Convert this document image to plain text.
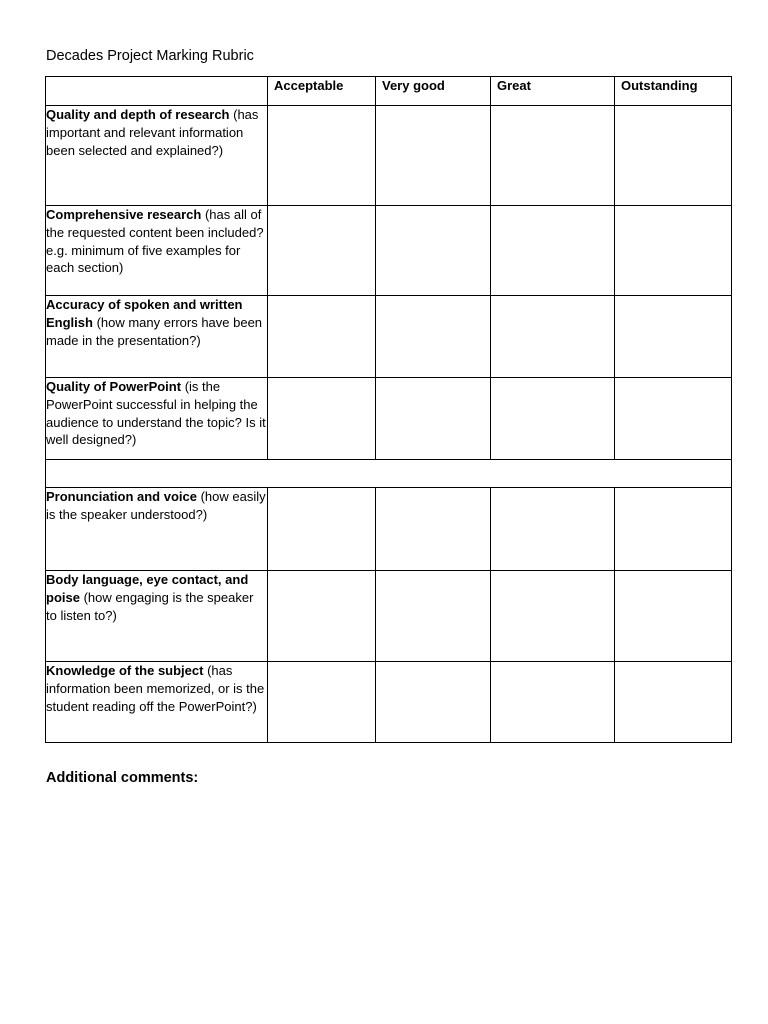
Decades Project Marking Rubric

	Acceptable	Very good	Great	Outstanding

Quality and depth of research (has important and relevant information been selected and explained?)				
Comprehensive research (has all of the requested content been included? e.g. minimum of five examples for each section)				
Accuracy of spoken and written English (how many errors have been made in the presentation?)				
Quality of PowerPoint (is the PowerPoint successful in helping the audience to understand the topic? Is it well designed?)				

Pronunciation and voice (how easily is the speaker understood?)				
Body language, eye contact, and poise (how engaging is the speaker to listen to?)				
Knowledge of the subject (has information been memorized, or is the student reading off the PowerPoint?)				
Additional comments:
